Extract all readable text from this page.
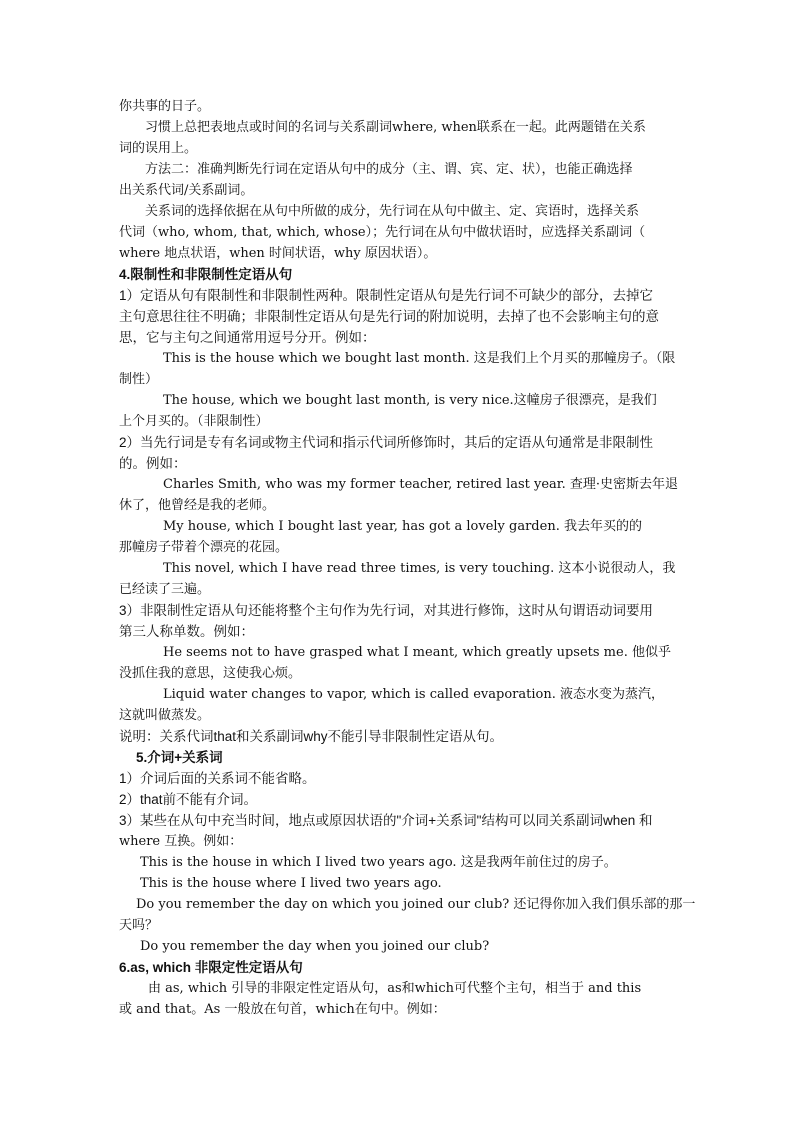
你共事的日子。

习惯上总把表地点或时间的名词与关系副词where, when联系在一起。此两题错在关系

词的误用上。

方法二：准确判断先行词在定语从句中的成分（主、谓、宾、定、状），也能正确选择

出关系代词/关系副词。

关系词的选择依据在从句中所做的成分，先行词在从句中做主、定、宾语时，选择关系

代词（who, whom, that, which, whose）；先行词在从句中做状语时，应选择关系副词（

where 地点状语，when 时间状语，why 原因状语）。

4.限制性和非限制性定语从句

1）定语从句有限制性和非限制性两种。限制性定语从句是先行词不可缺少的部分，去掉它

主句意思往往不明确；非限制性定语从句是先行词的附加说明，去掉了也不会影响主句的意

思，它与主句之间通常用逗号分开。例如：

This is the house which we bought last month. 这是我们上个月买的那幢房子。（限

制性）

The house, which we bought last month, is very nice.这幢房子很漂亮，是我们

上个月买的。（非限制性）

2）当先行词是专有名词或物主代词和指示代词所修饰时，其后的定语从句通常是非限制性

的。例如：

Charles Smith, who was my former teacher, retired last year. 查理·史密斯去年退

休了，他曾经是我的老师。

My house, which I bought last year, has got a lovely garden. 我去年买的的

那幢房子带着个漂亮的花园。

This novel, which I have read three times, is very touching. 这本小说很动人，我

已经读了三遍。

3）非限制性定语从句还能将整个主句作为先行词，对其进行修饰，这时从句谓语动词要用

第三人称单数。例如：

He seems not to have grasped what I meant, which greatly upsets me. 他似乎

没抓住我的意思，这使我心烦。

Liquid water changes to vapor, which is called evaporation. 液态水变为蒸汽，

这就叫做蒸发。

说明：关系代词that和关系副词why不能引导非限制性定语从句。

5.介词+关系词

1）介词后面的关系词不能省略。

2）that前不能有介词。

3）某些在从句中充当时间，地点或原因状语的"介词+关系词"结构可以同关系副词when 和

where 互换。例如：

This is the house in which I lived two years ago. 这是我两年前住过的房子。

This is the house where I lived two years ago.

Do you remember the day on which you joined our club? 还记得你加入我们俱乐部的那一

天吗？

Do you remember the day when you joined our club?

6.as, which 非限定性定语从句

由 as, which 引导的非限定性定语从句，as和which可代整个主句，相当于 and this

或 and that。As 一般放在句首，which在句中。例如：
